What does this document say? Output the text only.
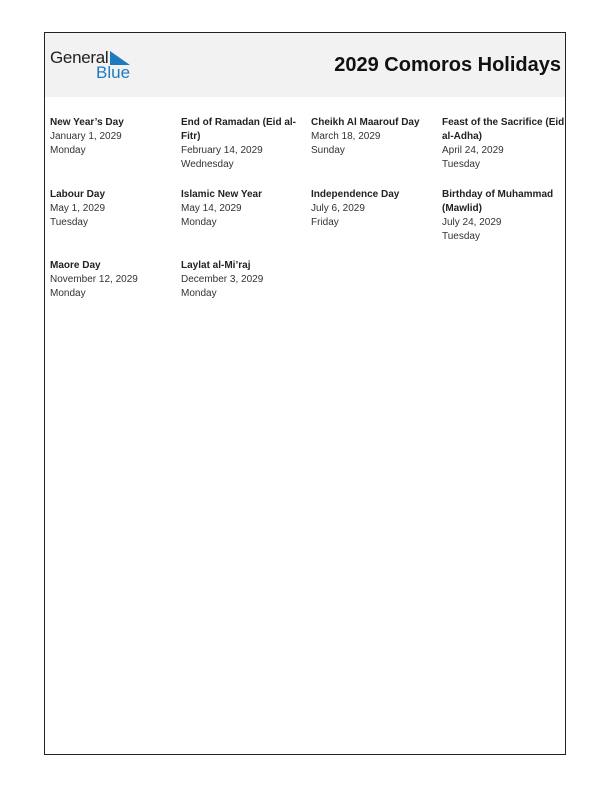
General
Blue	2029 Comoros Holidays
New Year’s Day
January 1, 2029
Monday
End of Ramadan (Eid al-Fitr)
February 14, 2029
Wednesday
Cheikh Al Maarouf Day
March 18, 2029
Sunday
Feast of the Sacrifice (Eid al-Adha)
April 24, 2029
Tuesday
Labour Day
May 1, 2029
Tuesday
Islamic New Year
May 14, 2029
Monday
Independence Day
July 6, 2029
Friday
Birthday of Muhammad (Mawlid)
July 24, 2029
Tuesday
Maore Day
November 12, 2029
Monday
Laylat al-Mi’raj
December 3, 2029
Monday
